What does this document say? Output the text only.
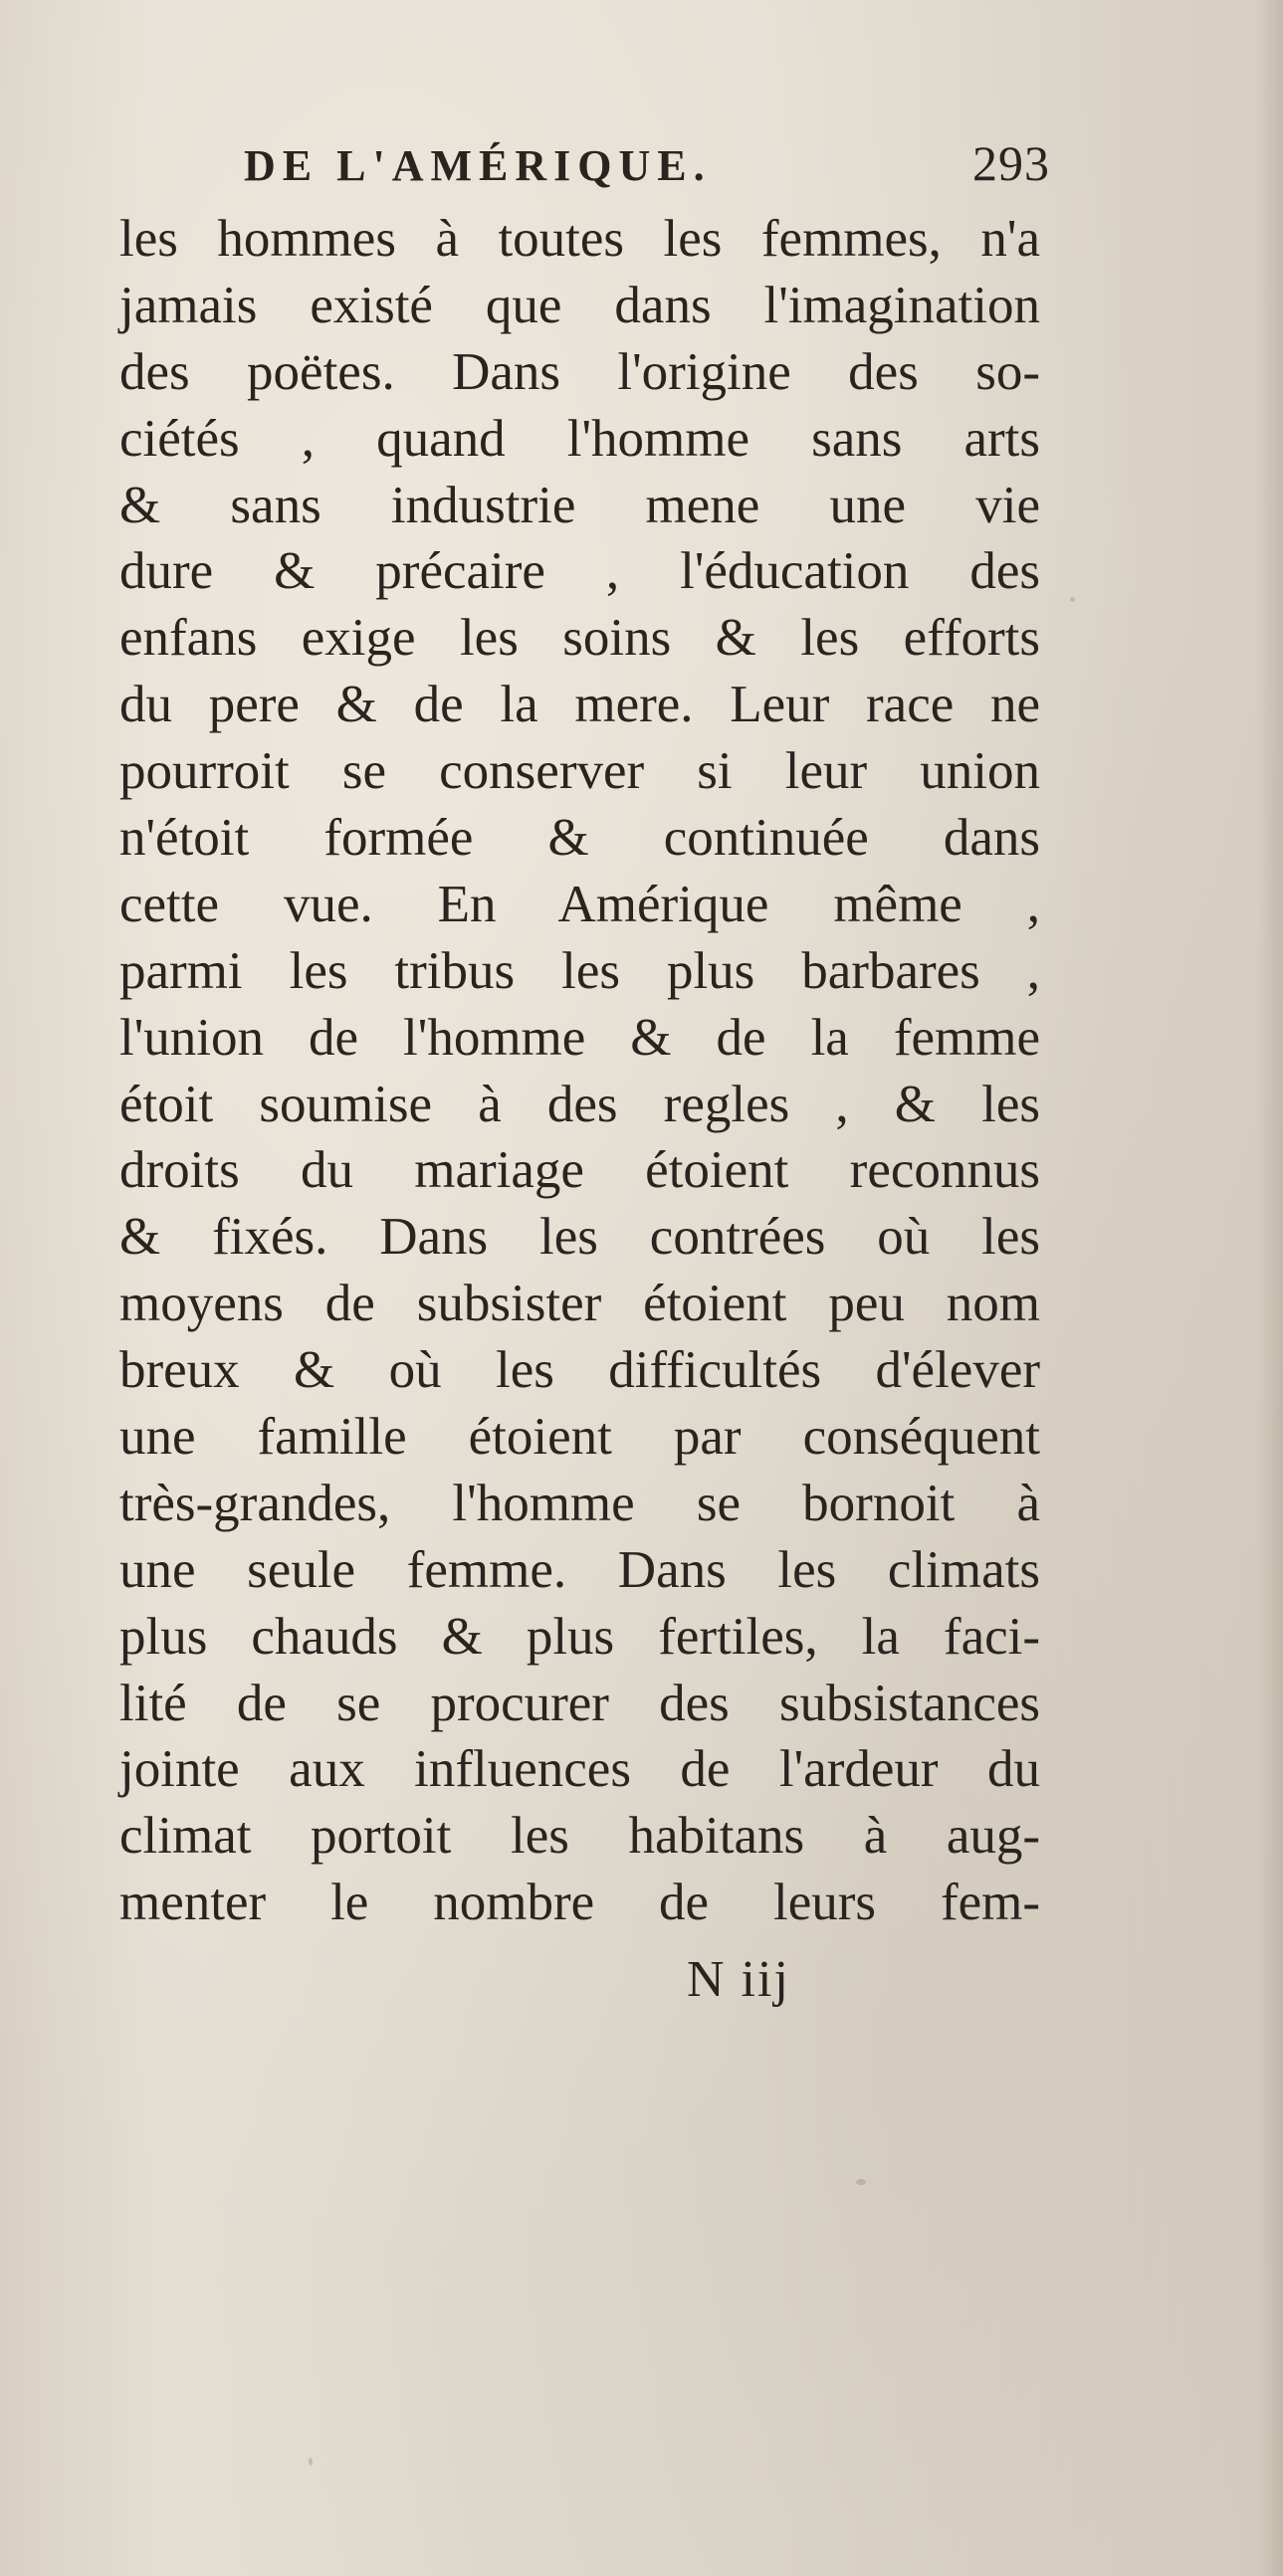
DE L'AMÉRIQUE.	293
les hommes à toutes les femmes, n'a
jamais existé que dans l'imagination
des poëtes. Dans l'origine des so-
ciétés , quand l'homme sans arts
& sans industrie mene une vie
dure & précaire , l'éducation des
enfans exige les soins & les efforts
du pere & de la mere. Leur race ne
pourroit se conserver si leur union
n'étoit formée & continuée dans
cette vue. En Amérique même ,
parmi les tribus les plus barbares ,
l'union de l'homme & de la femme
étoit soumise à des regles , & les
droits du mariage étoient reconnus
& fixés. Dans les contrées où les
moyens de subsister étoient peu nom
breux & où les difficultés d'élever
une famille étoient par conséquent
très-grandes, l'homme se bornoit à
une seule femme. Dans les climats
plus chauds & plus fertiles, la faci-
lité de se procurer des subsistances
jointe aux influences de l'ardeur du
climat portoit les habitans à aug-
menter le nombre de leurs fem-
N iij
